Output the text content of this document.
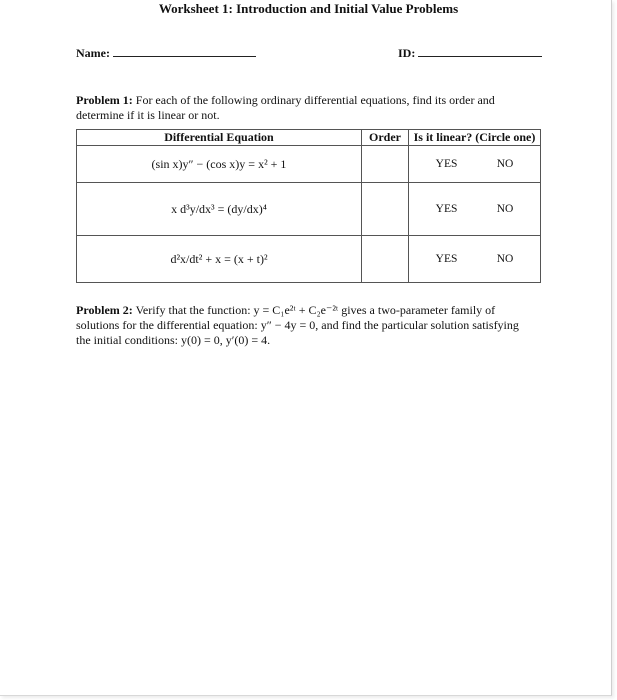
Worksheet 1: Introduction and Initial Value Problems
Name:	ID:
Problem 1: For each of the following ordinary differential equations, find its order and determine if it is linear or not.
Differential Equation	Order	Is it linear? (Circle one)
(sin x)y″ − (cos x)y = x² + 1		YES NO

x d³y/dx³ = (dy/dx)⁴		YES NO

d²x/dt² + x = (x + t)²		YES NO
Problem 2: Verify that the function: y = C₁e²ᵗ + C₂e⁻²ᵗ gives a two-parameter family of solutions for the differential equation: y″ − 4y = 0, and find the particular solution satisfying the initial conditions: y(0) = 0, y′(0) = 4.
